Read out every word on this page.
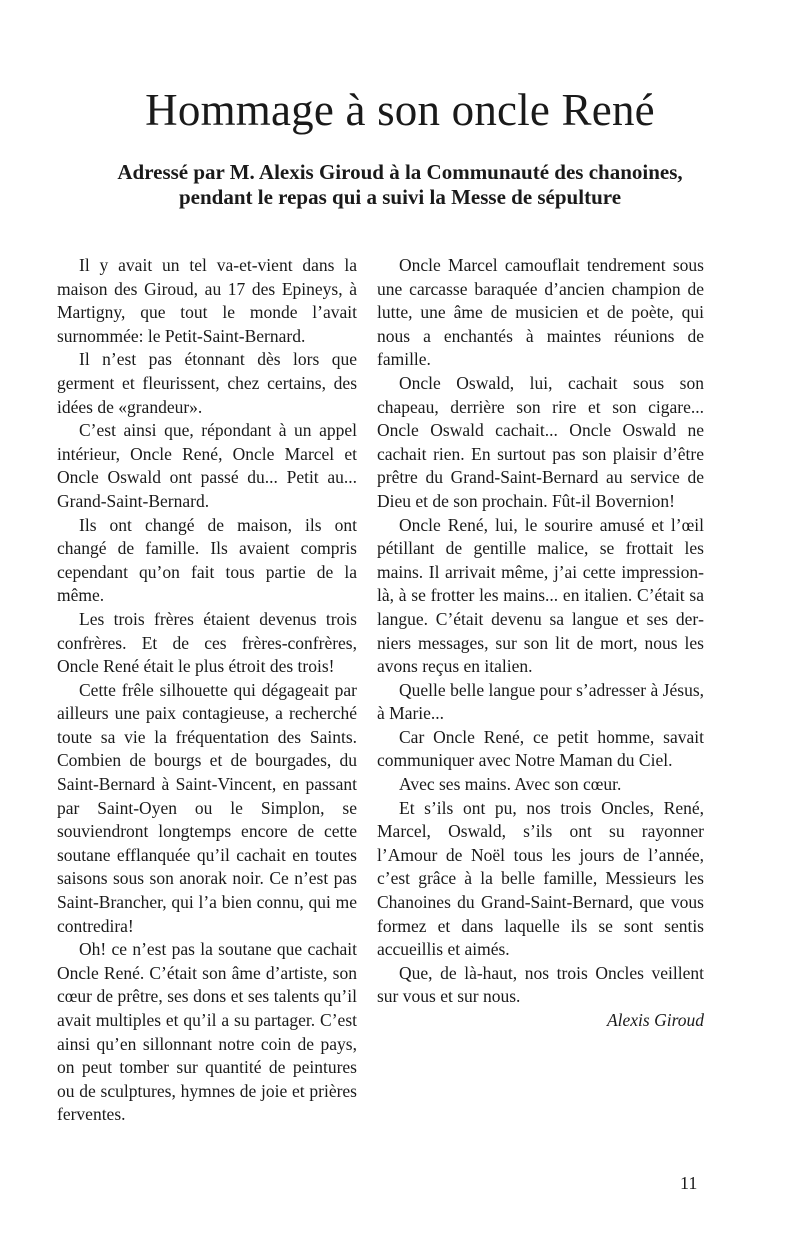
Hommage à son oncle René
Adressé par M. Alexis Giroud à la Communauté des chanoines,
pendant le repas qui a suivi la Messe de sépulture

Il y avait un tel va-et-vient dans la maison des Giroud, au 17 des Epineys, à Martigny, que tout le monde l’avait surnommée: le Petit-Saint-Bernard.

Il n’est pas étonnant dès lors que germent et fleurissent, chez certains, des idées de «grandeur».

C’est ainsi que, répondant à un appel intérieur, Oncle René, Oncle Marcel et Oncle Oswald ont passé du... Petit au... Grand-Saint-Bernard.

Ils ont changé de maison, ils ont changé de famille. Ils avaient compris cependant qu’on fait tous partie de la même.

Les trois frères étaient devenus trois confrères. Et de ces frères-confrères, Oncle René était le plus étroit des trois!

Cette frêle silhouette qui dégageait par ailleurs une paix contagieuse, a recherché toute sa vie la fréquentation des Saints. Combien de bourgs et de bourgades, du Saint-Bernard à Saint-Vincent, en passant par Saint-Oyen ou le Simplon, se souviendront longtemps encore de cette soutane efflanquée qu’il cachait en toutes saisons sous son anorak noir. Ce n’est pas Saint-Brancher, qui l’a bien connu, qui me contredira!

Oh! ce n’est pas la soutane que cachait Oncle René. C’était son âme d’artiste, son cœur de prêtre, ses dons et ses talents qu’il avait multiples et qu’il a su partager. C’est ainsi qu’en sillonnant notre coin de pays, on peut tomber sur quantité de peintures ou de sculptures, hymnes de joie et prières ferventes.

Oncle Marcel camouflait tendrement sous une carcasse baraquée d’ancien champion de lutte, une âme de musicien et de poète, qui nous a enchantés à maintes réunions de famille.

Oncle Oswald, lui, cachait sous son chapeau, derrière son rire et son cigare... Oncle Oswald cachait... Oncle Oswald ne cachait rien. En surtout pas son plaisir d’être prêtre du Grand-Saint-Bernard au service de Dieu et de son prochain. Fût-il Bovernion!

Oncle René, lui, le sourire amusé et l’œil pétillant de gentille malice, se frottait les mains. Il arrivait même, j’ai cette impression-là, à se frotter les mains... en italien. C’était sa langue. C’était devenu sa langue et ses derniers messages, sur son lit de mort, nous les avons reçus en italien.

Quelle belle langue pour s’adresser à Jésus, à Marie...

Car Oncle René, ce petit homme, savait communiquer avec Notre Maman du Ciel.

Avec ses mains. Avec son cœur.

Et s’ils ont pu, nos trois Oncles, René, Marcel, Oswald, s’ils ont su rayonner l’Amour de Noël tous les jours de l’année, c’est grâce à la belle famille, Messieurs les Chanoines du Grand-Saint-Bernard, que vous formez et dans laquelle ils se sont sentis accueillis et aimés.

Que, de là-haut, nos trois Oncles veillent sur vous et sur nous.

Alexis Giroud

11
